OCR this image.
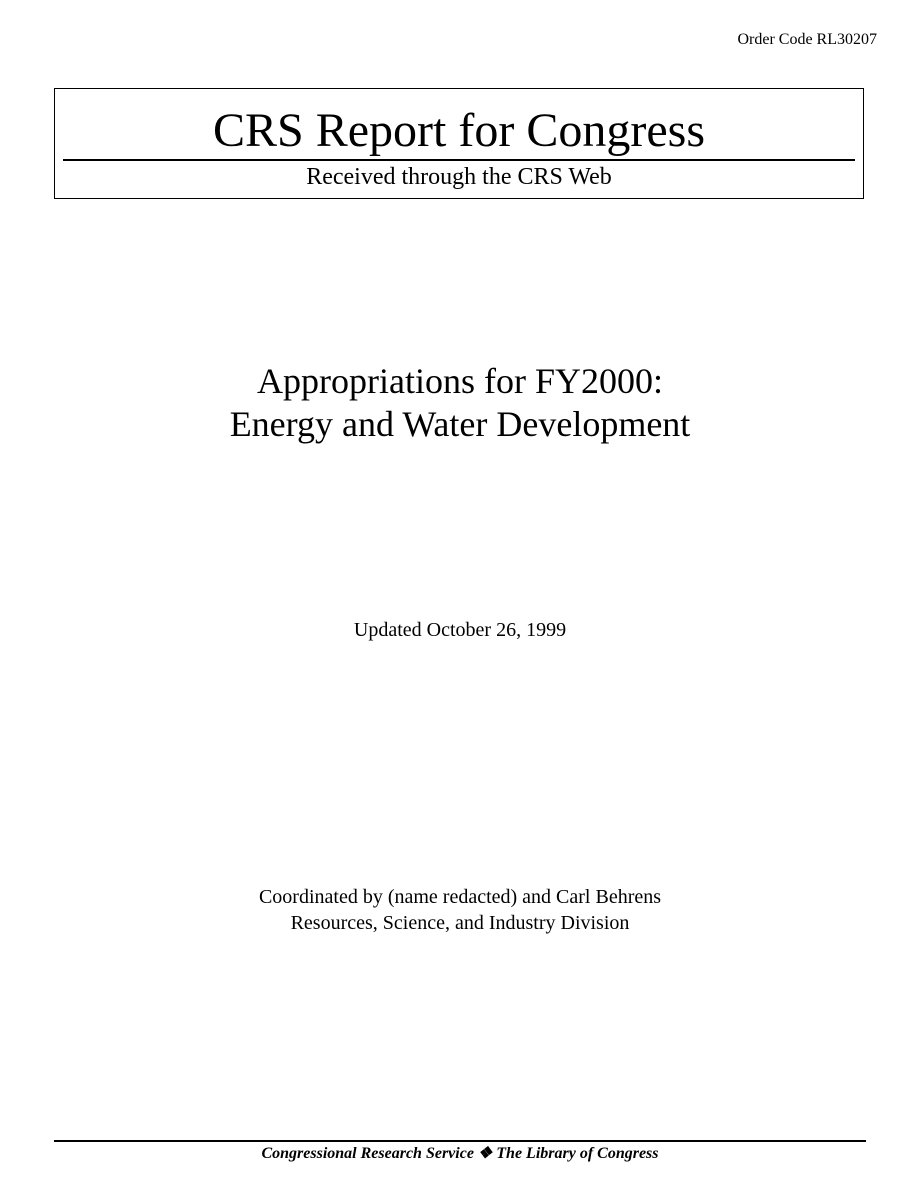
Order Code RL30207
CRS Report for Congress
Received through the CRS Web
Appropriations for FY2000:
Energy and Water Development
Updated October 26, 1999
Coordinated by (name redacted) and Carl Behrens
Resources, Science, and Industry Division
Congressional Research Service ❖ The Library of Congress
